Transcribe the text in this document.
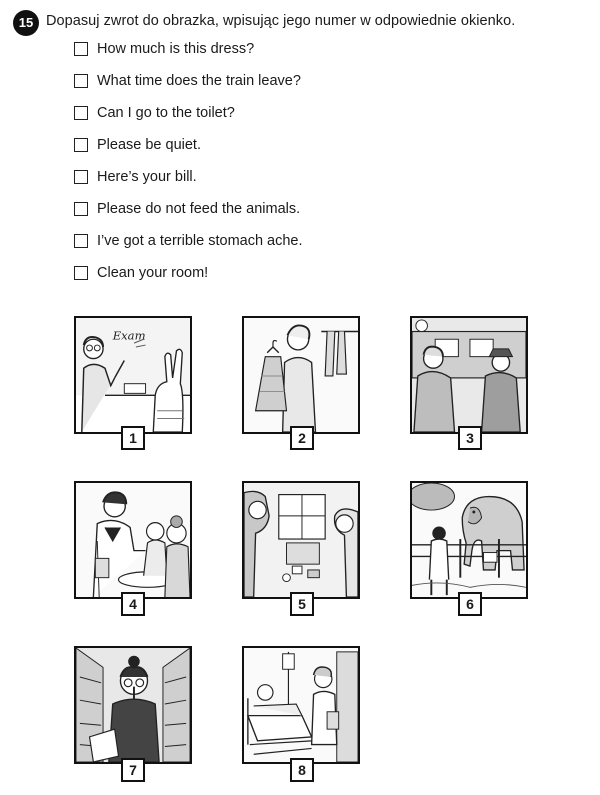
15 Dopasuj zwrot do obrazka, wpisując jego numer w odpowiednie okienko.
How much is this dress?
What time does the train leave?
Can I go to the toilet?
Please be quiet.
Here’s your bill.
Please do not feed the animals.
I’ve got a terrible stomach ache.
Clean your room!
Exam
1	2	3
4	5	6
7	8
